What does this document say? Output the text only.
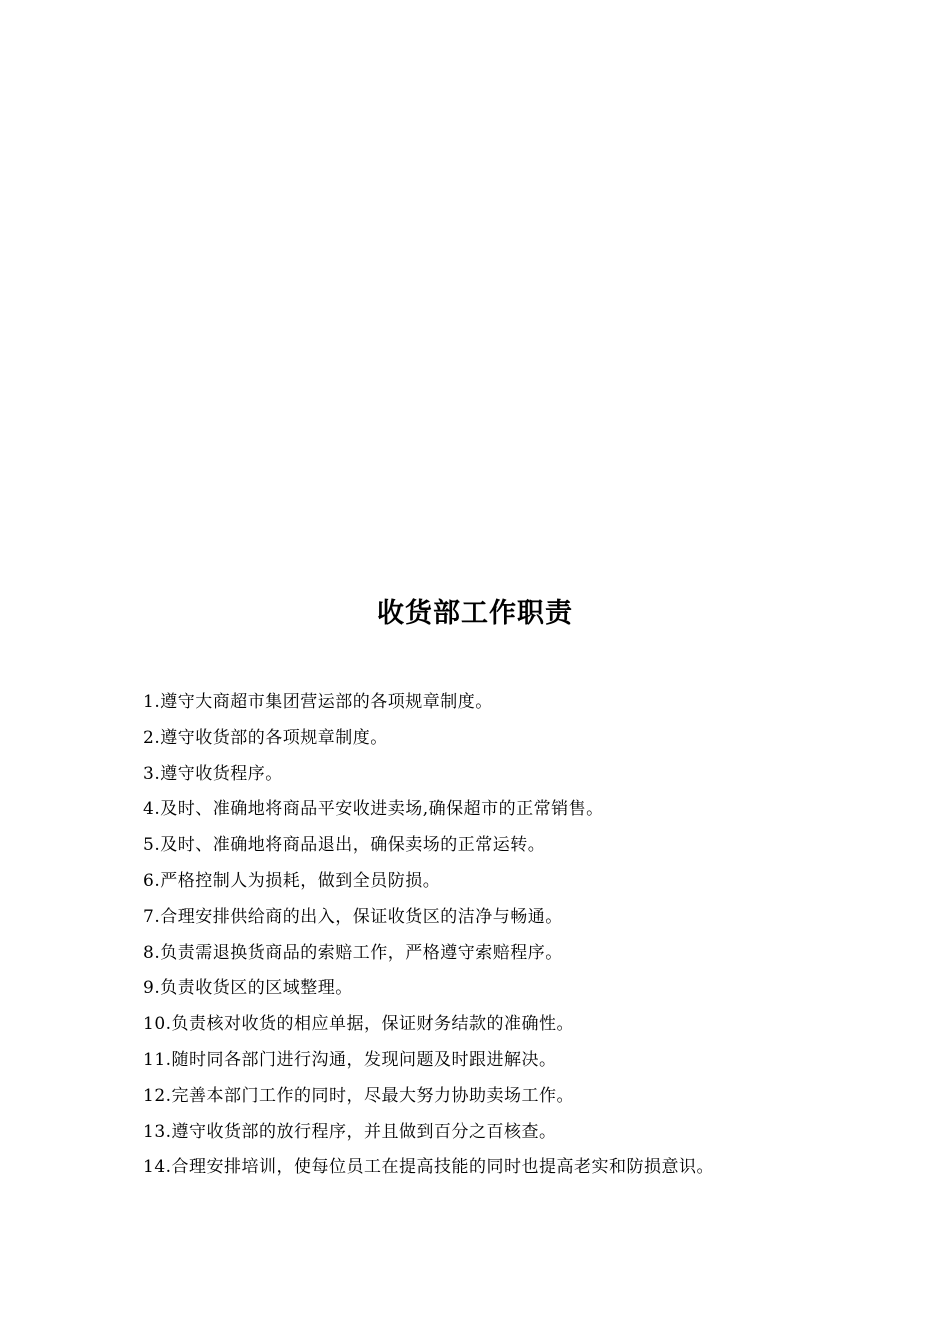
收货部工作职责
1.遵守大商超市集团营运部的各项规章制度。
2.遵守收货部的各项规章制度。
3.遵守收货程序。
4.及时、准确地将商品平安收进卖场,确保超市的正常销售。
5.及时、准确地将商品退出，确保卖场的正常运转。
6.严格控制人为损耗，做到全员防损。
7.合理安排供给商的出入，保证收货区的洁净与畅通。
8.负责需退换货商品的索赔工作，严格遵守索赔程序。
9.负责收货区的区域整理。
10.负责核对收货的相应单据，保证财务结款的准确性。
11.随时同各部门进行沟通，发现问题及时跟进解决。
12.完善本部门工作的同时，尽最大努力协助卖场工作。
13.遵守收货部的放行程序，并且做到百分之百核查。
14.合理安排培训，使每位员工在提高技能的同时也提高老实和防损意识。
